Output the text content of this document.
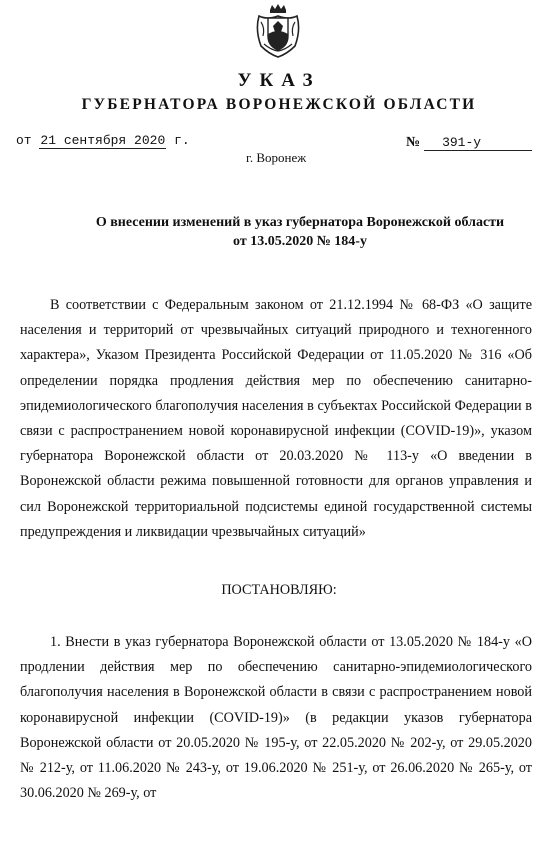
УКАЗ
ГУБЕРНАТОРА ВОРОНЕЖСКОЙ ОБЛАСТИ
от 21 сентября 2020 г.	№ 391-у
г. Воронеж
О внесении изменений в указ губернатора Воронежской области
от 13.05.2020 № 184-у
В соответствии с Федеральным законом от 21.12.1994 № 68-ФЗ «О защите населения и территорий от чрезвычайных ситуаций природного и техногенного характера», Указом Президента Российской Федерации от 11.05.2020 № 316 «Об определении порядка продления действия мер по обеспечению санитарно-эпидемиологического благополучия населения в субъектах Российской Федерации в связи с распространением новой коронавирусной инфекции (COVID-19)», указом губернатора Воронежской области от 20.03.2020 № 113-у «О введении в Воронежской области режима повышенной готовности для органов управления и сил Воронежской территориальной подсистемы единой государственной системы предупреждения и ликвидации чрезвычайных ситуаций»
ПОСТАНОВЛЯЮ:
1. Внести в указ губернатора Воронежской области от 13.05.2020 № 184-у «О продлении действия мер по обеспечению санитарно-эпидемиологического благополучия населения в Воронежской области в связи с распространением новой коронавирусной инфекции (COVID-19)» (в редакции указов губернатора Воронежской области от 20.05.2020 № 195-у, от 22.05.2020 № 202-у, от 29.05.2020 № 212-у, от 11.06.2020 № 243-у, от 19.06.2020 № 251-у, от 26.06.2020 № 265-у, от 30.06.2020 № 269-у, от
